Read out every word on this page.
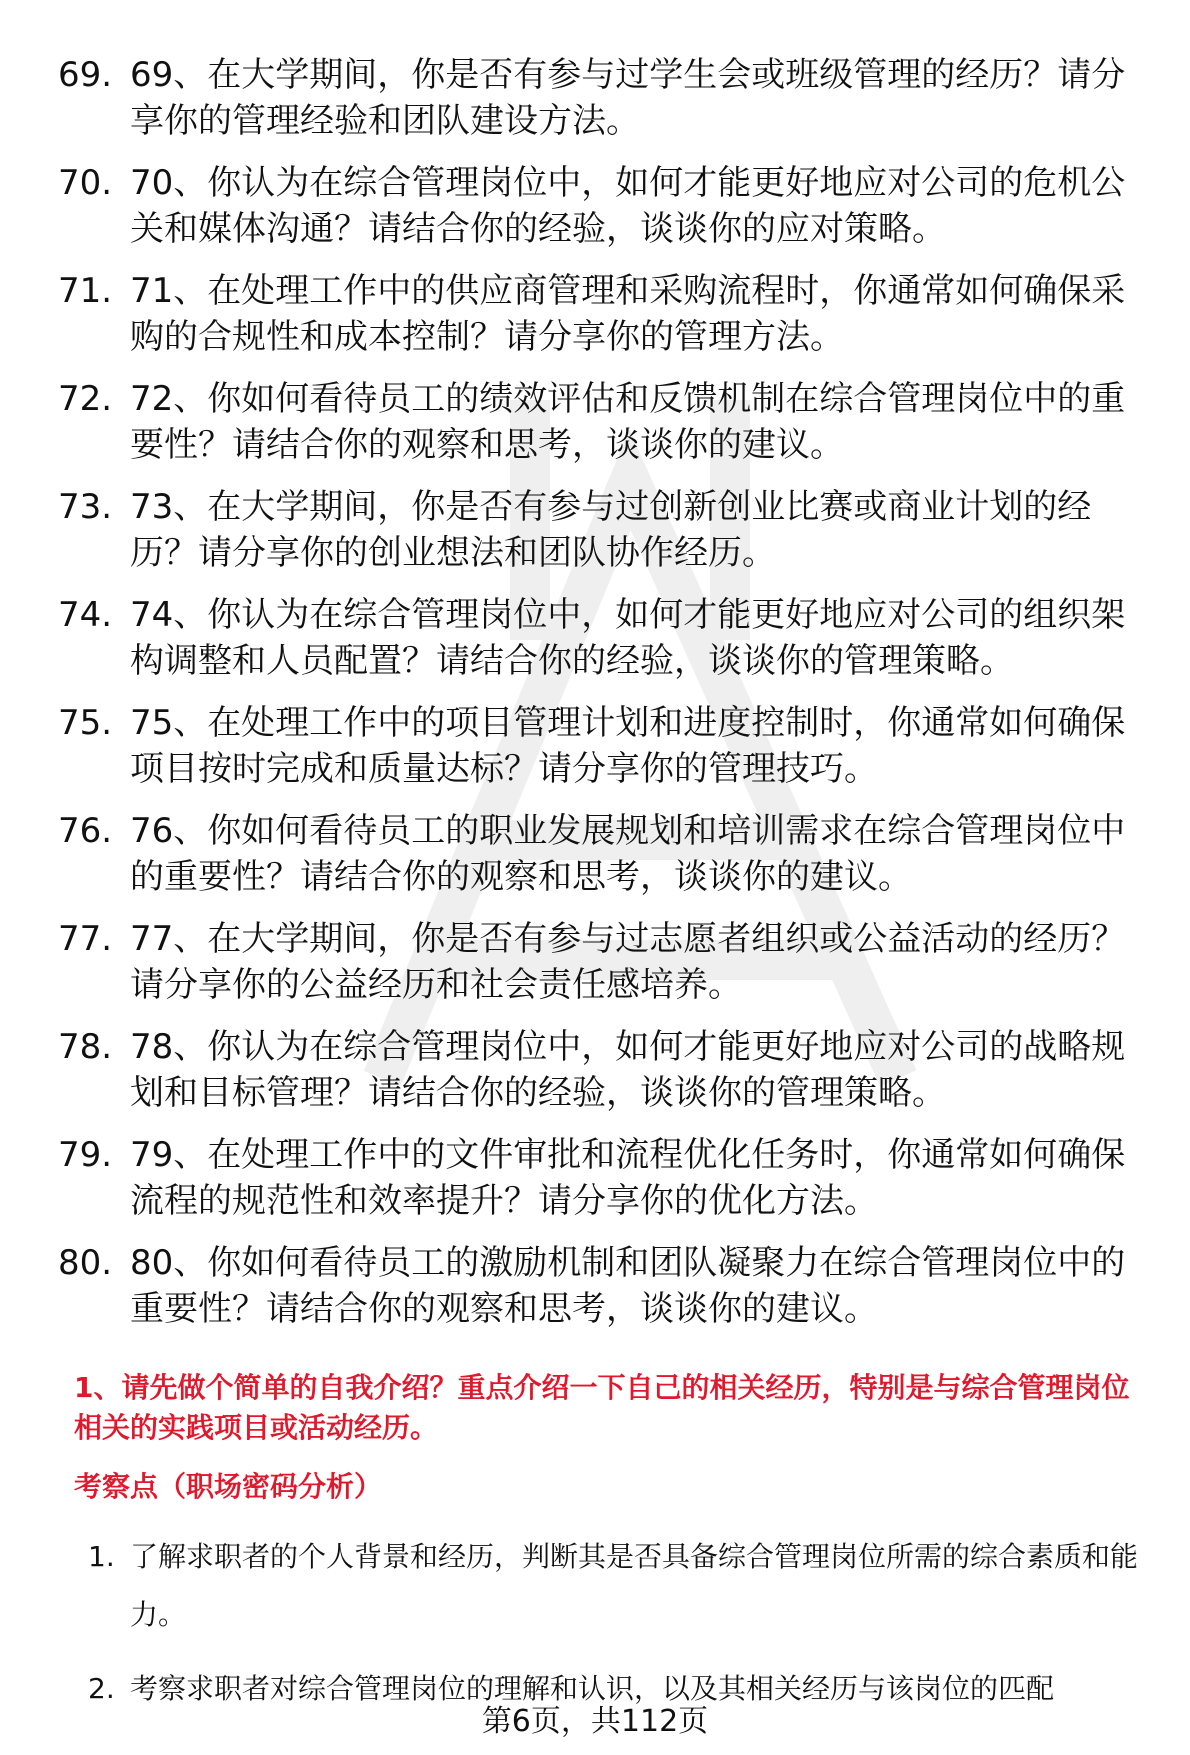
69. 69、在大学期间，你是否有参与过学生会或班级管理的经历？请分享你的管理经验和团队建设方法。
70. 70、你认为在综合管理岗位中，如何才能更好地应对公司的危机公关和媒体沟通？请结合你的经验，谈谈你的应对策略。
71. 71、在处理工作中的供应商管理和采购流程时，你通常如何确保采购的合规性和成本控制？请分享你的管理方法。
72. 72、你如何看待员工的绩效评估和反馈机制在综合管理岗位中的重要性？请结合你的观察和思考，谈谈你的建议。
73. 73、在大学期间，你是否有参与过创新创业比赛或商业计划的经历？请分享你的创业想法和团队协作经历。
74. 74、你认为在综合管理岗位中，如何才能更好地应对公司的组织架构调整和人员配置？请结合你的经验，谈谈你的管理策略。
75. 75、在处理工作中的项目管理计划和进度控制时，你通常如何确保项目按时完成和质量达标？请分享你的管理技巧。
76. 76、你如何看待员工的职业发展规划和培训需求在综合管理岗位中的重要性？请结合你的观察和思考，谈谈你的建议。
77. 77、在大学期间，你是否有参与过志愿者组织或公益活动的经历？请分享你的公益经历和社会责任感培养。
78. 78、你认为在综合管理岗位中，如何才能更好地应对公司的战略规划和目标管理？请结合你的经验，谈谈你的管理策略。
79. 79、在处理工作中的文件审批和流程优化任务时，你通常如何确保流程的规范性和效率提升？请分享你的优化方法。
80. 80、你如何看待员工的激励机制和团队凝聚力在综合管理岗位中的重要性？请结合你的观察和思考，谈谈你的建议。
1、请先做个简单的自我介绍？重点介绍一下自己的相关经历，特别是与综合管理岗位相关的实践项目或活动经历。
考察点（职场密码分析）
1. 了解求职者的个人背景和经历，判断其是否具备综合管理岗位所需的综合素质和能力。
2. 考察求职者对综合管理岗位的理解和认识，以及其相关经历与该岗位的匹配
第6页，共112页
